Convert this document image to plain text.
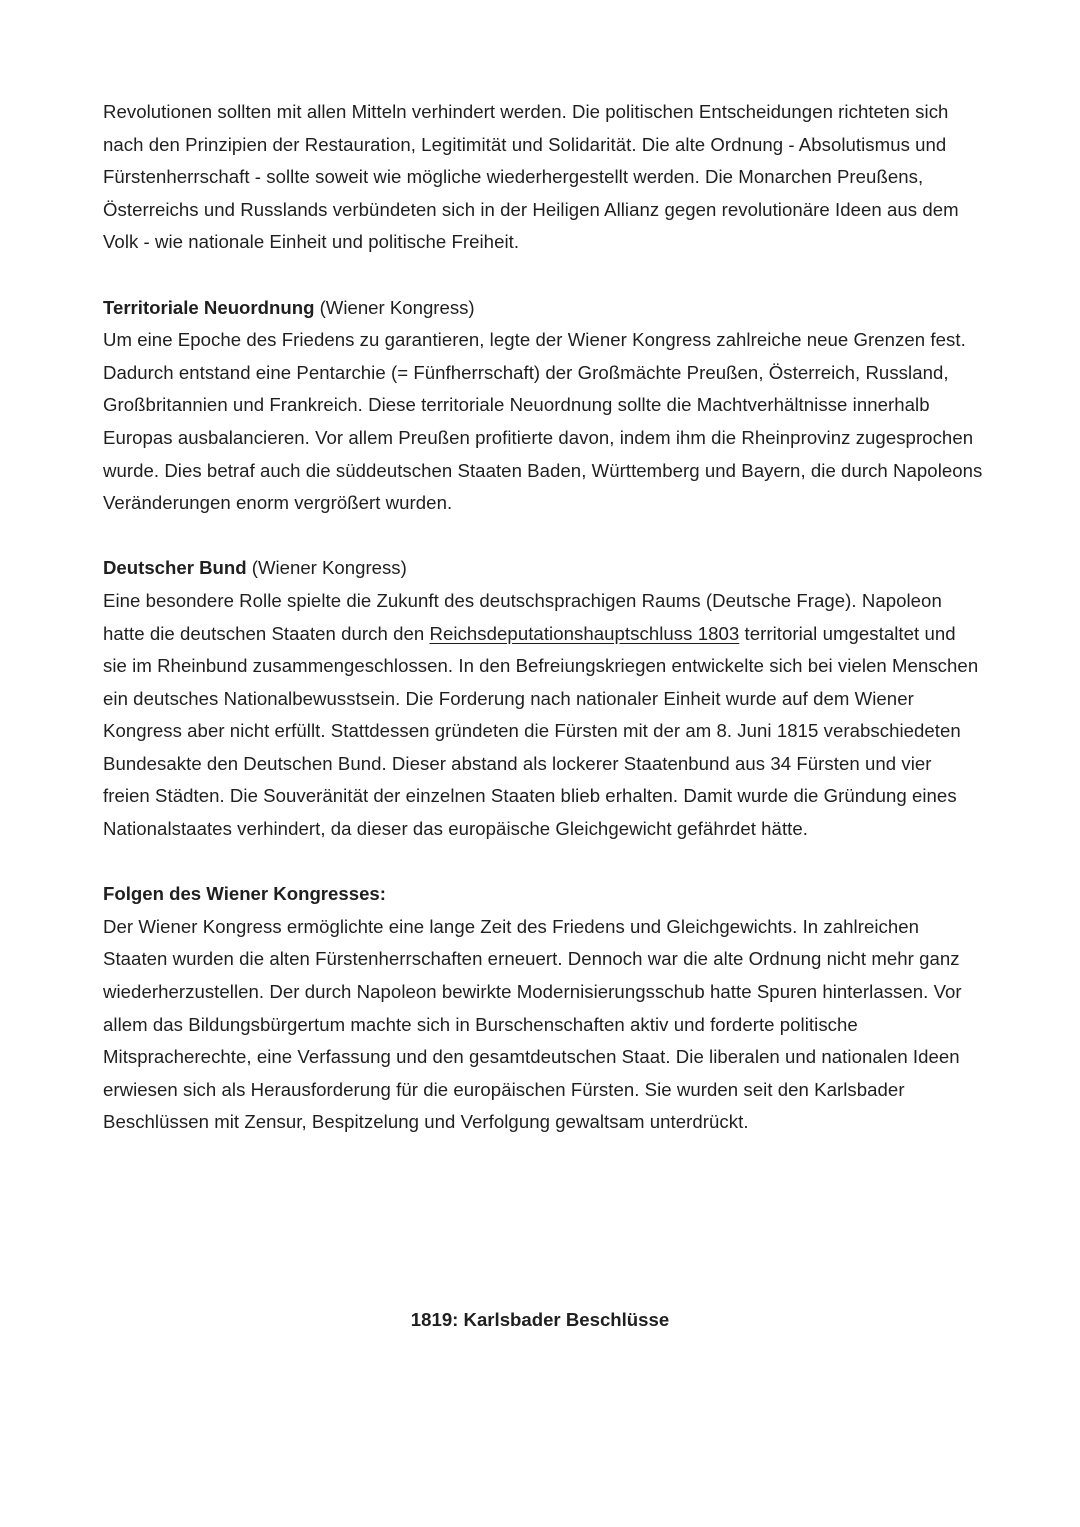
Revolutionen sollten mit allen Mitteln verhindert werden. Die politischen Entscheidungen richteten sich nach den Prinzipien der Restauration, Legitimität und Solidarität. Die alte Ordnung - Absolutismus und Fürstenherrschaft - sollte soweit wie mögliche wiederhergestellt werden. Die Monarchen Preußens, Österreichs und Russlands verbündeten sich in der Heiligen Allianz gegen revolutionäre Ideen aus dem Volk - wie nationale Einheit und politische Freiheit.

Territoriale Neuordnung (Wiener Kongress)

Um eine Epoche des Friedens zu garantieren, legte der Wiener Kongress zahlreiche neue Grenzen fest. Dadurch entstand eine Pentarchie (= Fünfherrschaft) der Großmächte Preußen, Österreich, Russland, Großbritannien und Frankreich. Diese territoriale Neuordnung sollte die Machtverhältnisse innerhalb Europas ausbalancieren. Vor allem Preußen profitierte davon, indem ihm die Rheinprovinz zugesprochen wurde. Dies betraf auch die süddeutschen Staaten Baden, Württemberg und Bayern, die durch Napoleons Veränderungen enorm vergrößert wurden.

Deutscher Bund (Wiener Kongress)

Eine besondere Rolle spielte die Zukunft des deutschsprachigen Raums (Deutsche Frage). Napoleon hatte die deutschen Staaten durch den Reichsdeputationshauptschluss 1803 territorial umgestaltet und sie im Rheinbund zusammengeschlossen. In den Befreiungskriegen entwickelte sich bei vielen Menschen ein deutsches Nationalbewusstsein. Die Forderung nach nationaler Einheit wurde auf dem Wiener Kongress aber nicht erfüllt. Stattdessen gründeten die Fürsten mit der am 8. Juni 1815 verabschiedeten Bundesakte den Deutschen Bund. Dieser abstand als lockerer Staatenbund aus 34 Fürsten und vier freien Städten. Die Souveränität der einzelnen Staaten blieb erhalten. Damit wurde die Gründung eines Nationalstaates verhindert, da dieser das europäische Gleichgewicht gefährdet hätte.

Folgen des Wiener Kongresses:

Der Wiener Kongress ermöglichte eine lange Zeit des Friedens und Gleichgewichts. In zahlreichen Staaten wurden die alten Fürstenherrschaften erneuert. Dennoch war die alte Ordnung nicht mehr ganz wiederherzustellen. Der durch Napoleon bewirkte Modernisierungsschub hatte Spuren hinterlassen. Vor allem das Bildungsbürgertum machte sich in Burschenschaften aktiv und forderte politische Mitspracherechte, eine Verfassung und den gesamtdeutschen Staat. Die liberalen und nationalen Ideen erwiesen sich als Herausforderung für die europäischen Fürsten. Sie wurden seit den Karlsbader Beschlüssen mit Zensur, Bespitzelung und Verfolgung gewaltsam unterdrückt.

1819: Karlsbader Beschlüsse
